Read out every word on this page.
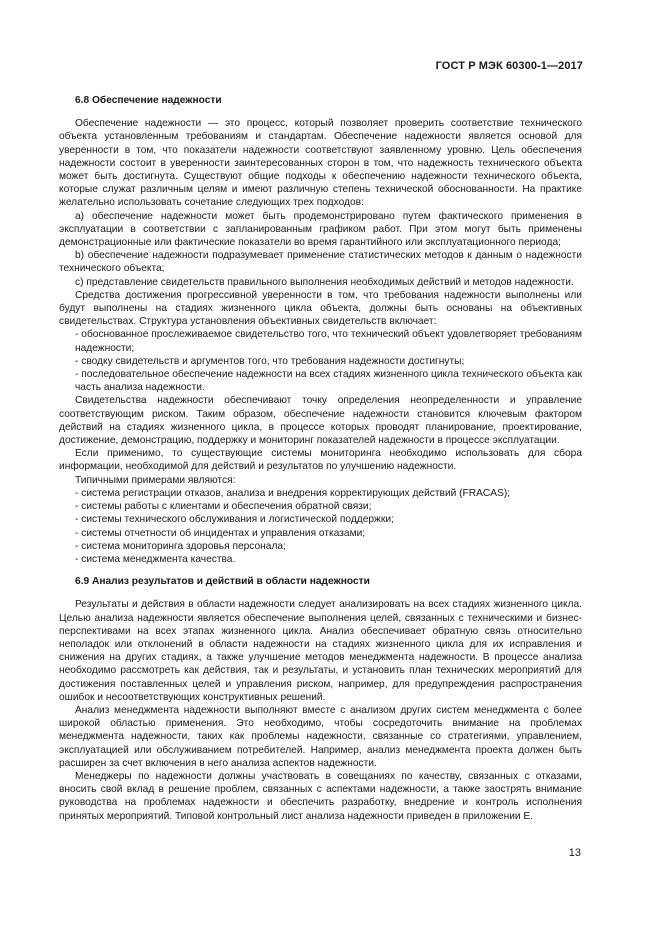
ГОСТ Р МЭК 60300-1—2017
6.8 Обеспечение надежности

Обеспечение надежности — это процесс, который позволяет проверить соответствие технического объекта установленным требованиям и стандартам. Обеспечение надежности является основой для уверенности в том, что показатели надежности соответствуют заявленному уровню. Цель обеспечения надежности состоит в уверенности заинтересованных сторон в том, что надежность технического объекта может быть достигнута. Существуют общие подходы к обеспечению надежности технического объекта, которые служат различным целям и имеют различную степень технической обоснованности. На практике желательно использовать сочетание следующих трех подходов:

a) обеспечение надежности может быть продемонстрировано путем фактического применения в эксплуатации в соответствии с запланированным графиком работ. При этом могут быть применены демонстрационные или фактические показатели во время гарантийного или эксплуатационного периода;

b) обеспечение надежности подразумевает применение статистических методов к данным о надежности технического объекта;

c) представление свидетельств правильного выполнения необходимых действий и методов надежности.

Средства достижения прогрессивной уверенности в том, что требования надежности выполнены или будут выполнены на стадиях жизненного цикла объекта, должны быть основаны на объективных свидетельствах. Структура установления объективных свидетельств включает:

- обоснованное прослеживаемое свидетельство того, что технический объект удовлетворяет требованиям надежности;

- сводку свидетельств и аргументов того, что требования надежности достигнуты;

- последовательное обеспечение надежности на всех стадиях жизненного цикла технического объекта как часть анализа надежности.

Свидетельства надежности обеспечивают точку определения неопределенности и управление соответствующим риском. Таким образом, обеспечение надежности становится ключевым фактором действий на стадиях жизненного цикла, в процессе которых проводят планирование, проектирование, достижение, демонстрацию, поддержку и мониторинг показателей надежности в процессе эксплуатации.

Если применимо, то существующие системы мониторинга необходимо использовать для сбора информации, необходимой для действий и результатов по улучшению надежности.

Типичными примерами являются:

- система регистрации отказов, анализа и внедрения корректирующих действий (FRACAS);

- системы работы с клиентами и обеспечения обратной связи;

- системы технического обслуживания и логистической поддержки;

- системы отчетности об инцидентах и управления отказами;

- система мониторинга здоровья персонала;

- система менеджмента качества.

6.9 Анализ результатов и действий в области надежности

Результаты и действия в области надежности следует анализировать на всех стадиях жизненного цикла. Целью анализа надежности является обеспечение выполнения целей, связанных с техническими и бизнес-перспективами на всех этапах жизненного цикла. Анализ обеспечивает обратную связь относительно неполадок или отклонений в области надежности на стадиях жизненного цикла для их исправления и снижения на других стадиях, а также улучшение методов менеджмента надежности. В процессе анализа необходимо рассмотреть как действия, так и результаты, и установить план технических мероприятий для достижения поставленных целей и управления риском, например, для предупреждения распространения ошибок и несоответствующих конструктивных решений.

Анализ менеджмента надежности выполняют вместе с анализом других систем менеджмента с более широкой областью применения. Это необходимо, чтобы сосредоточить внимание на проблемах менеджмента надежности, таких как проблемы надежности, связанные со стратегиями, управлением, эксплуатацией или обслуживанием потребителей. Например, анализ менеджмента проекта должен быть расширен за счет включения в него анализа аспектов надежности.

Менеджеры по надежности должны участвовать в совещаниях по качеству, связанных с отказами, вносить свой вклад в решение проблем, связанных с аспектами надежности, а также заострять внимание руководства на проблемах надежности и обеспечить разработку, внедрение и контроль исполнения принятых мероприятий. Типовой контрольный лист анализа надежности приведен в приложении Е.

13
